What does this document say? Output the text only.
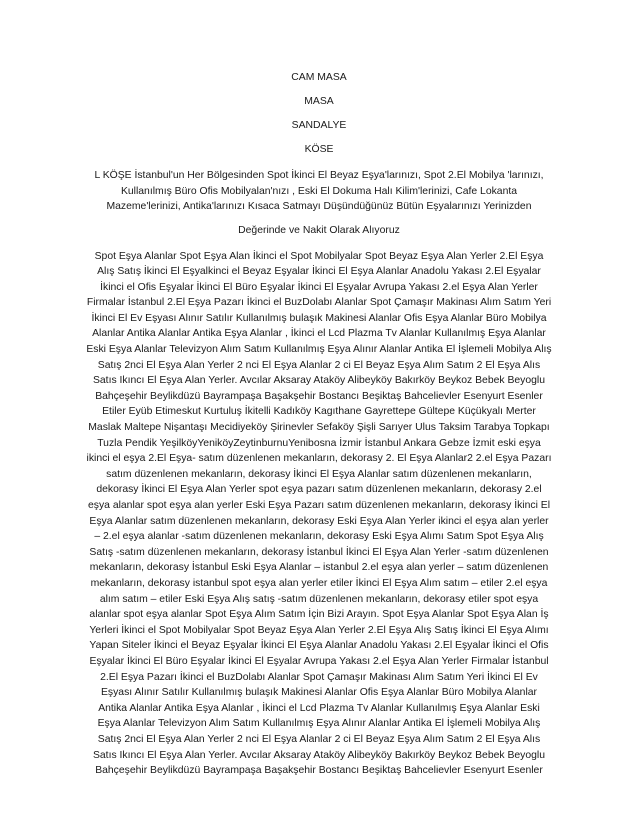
CAM MASA

MASA

SANDALYE

KÖSE

L KÖŞE İstanbul'un Her Bölgesinden Spot İkinci El Beyaz Eşya'larınızı, Spot 2.El Mobilya 'larınızı, Kullanılmış Büro Ofis Mobilyalan'nızı , Eski El Dokuma Halı Kilim'lerinizi, Cafe Lokanta Mazeme'lerinizi, Antika'larınızı Kısaca Satmayı Düşündüğünüz Bütün Eşyalarınızı Yerinizden

Değerinde ve Nakit Olarak Alıyoruz

Spot Eşya Alanlar Spot Eşya Alan İkinci el Spot Mobilyalar Spot Beyaz Eşya Alan Yerler 2.El Eşya Alış Satış İkinci El Eşyalkinci el Beyaz Eşyalar İkinci El Eşya Alanlar Anadolu Yakası 2.El Eşyalar İkinci el Ofis Eşyalar İkinci El Büro Eşyalar İkinci El Eşyalar Avrupa Yakası 2.el Eşya Alan Yerler Firmalar İstanbul 2.El Eşya Pazarı İkinci el BuzDolabı Alanlar Spot Çamaşır Makinası Alım Satım Yeri İkinci El Ev Eşyası Alınır Satılır Kullanılmış bulaşık Makinesi Alanlar Ofis Eşya Alanlar Büro Mobilya Alanlar Antika Alanlar Antika Eşya Alanlar , İkinci el Lcd Plazma Tv Alanlar Kullanılmış Eşya Alanlar Eski Eşya Alanlar Televizyon Alım Satım Kullanılmış Eşya Alınır Alanlar Antika El İşlemeli Mobilya Alış Satış 2nci El Eşya Alan Yerler 2 nci El Eşya Alanlar 2 ci El Beyaz Eşya Alım Satım 2 El Eşya Alıs Satıs Ikıncı El Eşya Alan Yerler. Avcılar Aksaray Ataköy Alibeyköy Bakırköy Beykoz Bebek Beyoglu Bahçeşehir Beylikdüzü Bayrampaşa Başakşehir Bostancı Beşiktaş Bahcelievler Esenyurt Esenler Etiler Eyüb Etimeskut Kurtuluş İkitelli Kadıköy Kagıthane Gayrettepe Gültepe Küçükyalı Merter Maslak Maltepe Nişantaşı Mecidiyeköy Şirinevler Sefaköy Şişli Sarıyer Ulus Taksim Tarabya Topkapı Tuzla Pendik YeşilköyYeniköyZeytinburnuYenibosna İzmir İstanbul Ankara Gebze İzmit eski eşya ikinci el eşya 2.El Eşya- satım düzenlenen mekanların, dekorasy 2. El Eşya Alanlar2 2.el Eşya Pazarı satım düzenlenen mekanların, dekorasy İkinci El Eşya Alanlar satım düzenlenen mekanların, dekorasy İkinci El Eşya Alan Yerler spot eşya pazarı satım düzenlenen mekanların, dekorasy 2.el eşya alanlar spot eşya alan yerler Eski Eşya Pazarı satım düzenlenen mekanların, dekorasy İkinci El Eşya Alanlar satım düzenlenen mekanların, dekorasy Eski Eşya Alan Yerler ikinci el eşya alan yerler – 2.el eşya alanlar -satım düzenlenen mekanların, dekorasy Eski Eşya Alımı Satım Spot Eşya Alış Satış -satım düzenlenen mekanların, dekorasy İstanbul İkinci El Eşya Alan Yerler -satım düzenlenen mekanların, dekorasy İstanbul Eski Eşya Alanlar – istanbul 2.el eşya alan yerler – satım düzenlenen mekanların, dekorasy istanbul spot eşya alan yerler etiler İkinci El Eşya Alım satım – etiler 2.el eşya alım satım – etiler Eski Eşya Alış satış -satım düzenlenen mekanların, dekorasy etiler spot eşya alanlar spot eşya alanlar Spot Eşya Alım Satım İçin Bizi Arayın. Spot Eşya Alanlar Spot Eşya Alan İş Yerleri İkinci el Spot Mobilyalar Spot Beyaz Eşya Alan Yerler 2.El Eşya Alış Satış İkinci El Eşya Alımı Yapan Siteler İkinci el Beyaz Eşyalar İkinci El Eşya Alanlar Anadolu Yakası 2.El Eşyalar İkinci el Ofis Eşyalar İkinci El Büro Eşyalar İkinci El Eşyalar Avrupa Yakası 2.el Eşya Alan Yerler Firmalar İstanbul 2.El Eşya Pazarı İkinci el BuzDolabı Alanlar Spot Çamaşır Makinası Alım Satım Yeri İkinci El Ev Eşyası Alınır Satılır Kullanılmış bulaşık Makinesi Alanlar Ofis Eşya Alanlar Büro Mobilya Alanlar Antika Alanlar Antika Eşya Alanlar , İkinci el Lcd Plazma Tv Alanlar Kullanılmış Eşya Alanlar Eski Eşya Alanlar Televizyon Alım Satım Kullanılmış Eşya Alınır Alanlar Antika El İşlemeli Mobilya Alış Satış 2nci El Eşya Alan Yerler 2 nci El Eşya Alanlar 2 ci El Beyaz Eşya Alım Satım 2 El Eşya Alıs Satıs Ikıncı El Eşya Alan Yerler. Avcılar Aksaray Ataköy Alibeyköy Bakırköy Beykoz Bebek Beyoglu Bahçeşehir Beylikdüzü Bayrampaşa Başakşehir Bostancı Beşiktaş Bahcelievler Esenyurt Esenler
